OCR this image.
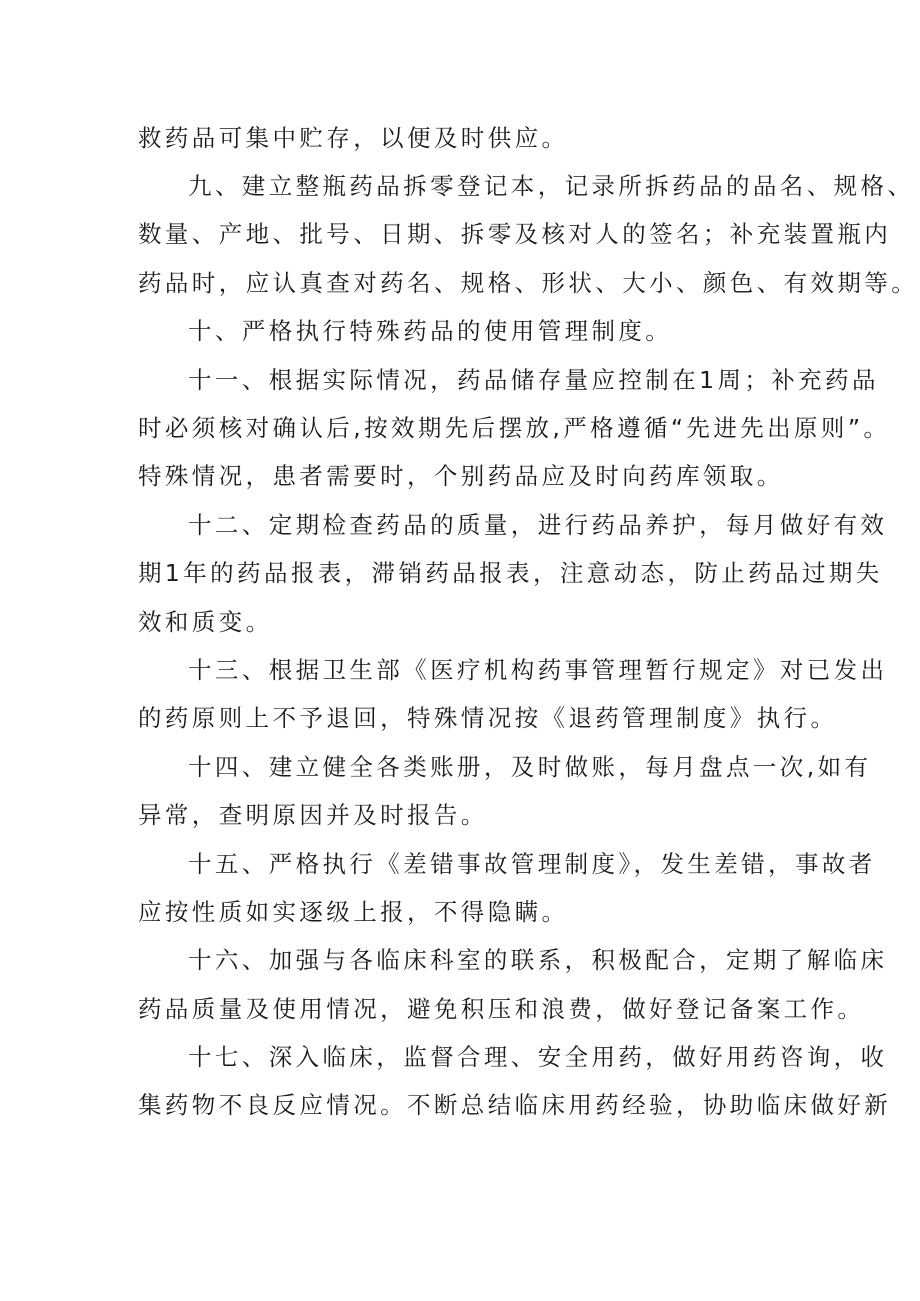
救药品可集中贮存，以便及时供应。
九、建立整瓶药品拆零登记本，记录所拆药品的品名、规格、
数量、产地、批号、日期、拆零及核对人的签名；补充装置瓶内
药品时，应认真查对药名、规格、形状、大小、颜色、有效期等。
十、严格执行特殊药品的使用管理制度。
十一、根据实际情况，药品储存量应控制在1周；补充药品
时必须核对确认后,按效期先后摆放,严格遵循“先进先出原则”。
特殊情况，患者需要时，个别药品应及时向药库领取。
十二、定期检查药品的质量，进行药品养护，每月做好有效
期1年的药品报表，滞销药品报表，注意动态，防止药品过期失
效和质变。
十三、根据卫生部《医疗机构药事管理暂行规定》对已发出
的药原则上不予退回，特殊情况按《退药管理制度》执行。
十四、建立健全各类账册，及时做账，每月盘点一次,如有
异常，查明原因并及时报告。
十五、严格执行《差错事故管理制度》，发生差错，事故者
应按性质如实逐级上报，不得隐瞒。
十六、加强与各临床科室的联系，积极配合，定期了解临床
药品质量及使用情况，避免积压和浪费，做好登记备案工作。
十七、深入临床，监督合理、安全用药，做好用药咨询，收
集药物不良反应情况。不断总结临床用药经验，协助临床做好新
